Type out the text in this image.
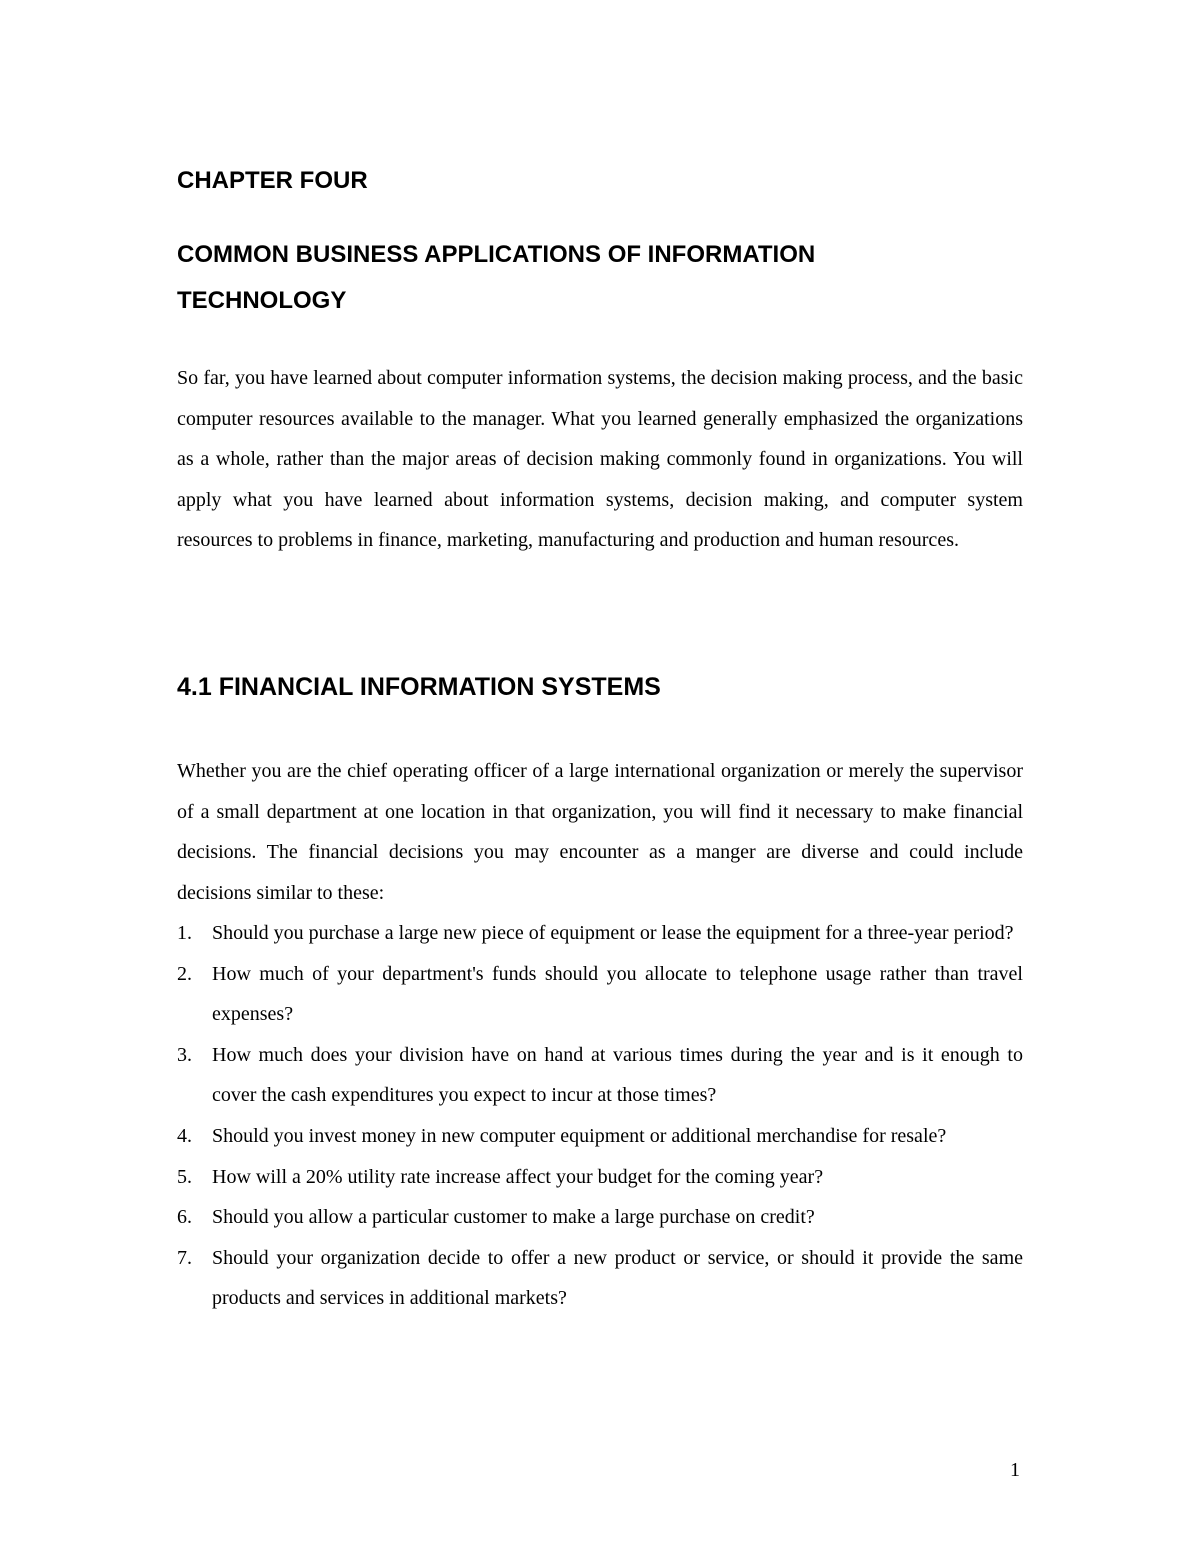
CHAPTER FOUR
COMMON BUSINESS APPLICATIONS OF INFORMATION
TECHNOLOGY

So far, you have learned about computer information systems, the decision making process, and the basic computer resources available to the manager. What you learned generally emphasized the organizations as a whole, rather than the major areas of decision making commonly found in organizations. You will apply what you have learned about information systems, decision making, and computer system resources to problems in finance, marketing, manufacturing and production and human resources.

4.1 FINANCIAL INFORMATION SYSTEMS

Whether you are the chief operating officer of a large international organization or merely the supervisor of a small department at one location in that organization, you will find it necessary to make financial decisions. The financial decisions you may encounter as a manger are diverse and could include decisions similar to these:

1. Should you purchase a large new piece of equipment or lease the equipment for a three-year period?
2. How much of your department's funds should you allocate to telephone usage rather than travel expenses?
3. How much does your division have on hand at various times during the year and is it enough to cover the cash expenditures you expect to incur at those times?
4. Should you invest money in new computer equipment or additional merchandise for resale?
5. How will a 20% utility rate increase affect your budget for the coming year?
6. Should you allow a particular customer to make a large purchase on credit?
7. Should your organization decide to offer a new product or service, or should it provide the same products and services in additional markets?
1
